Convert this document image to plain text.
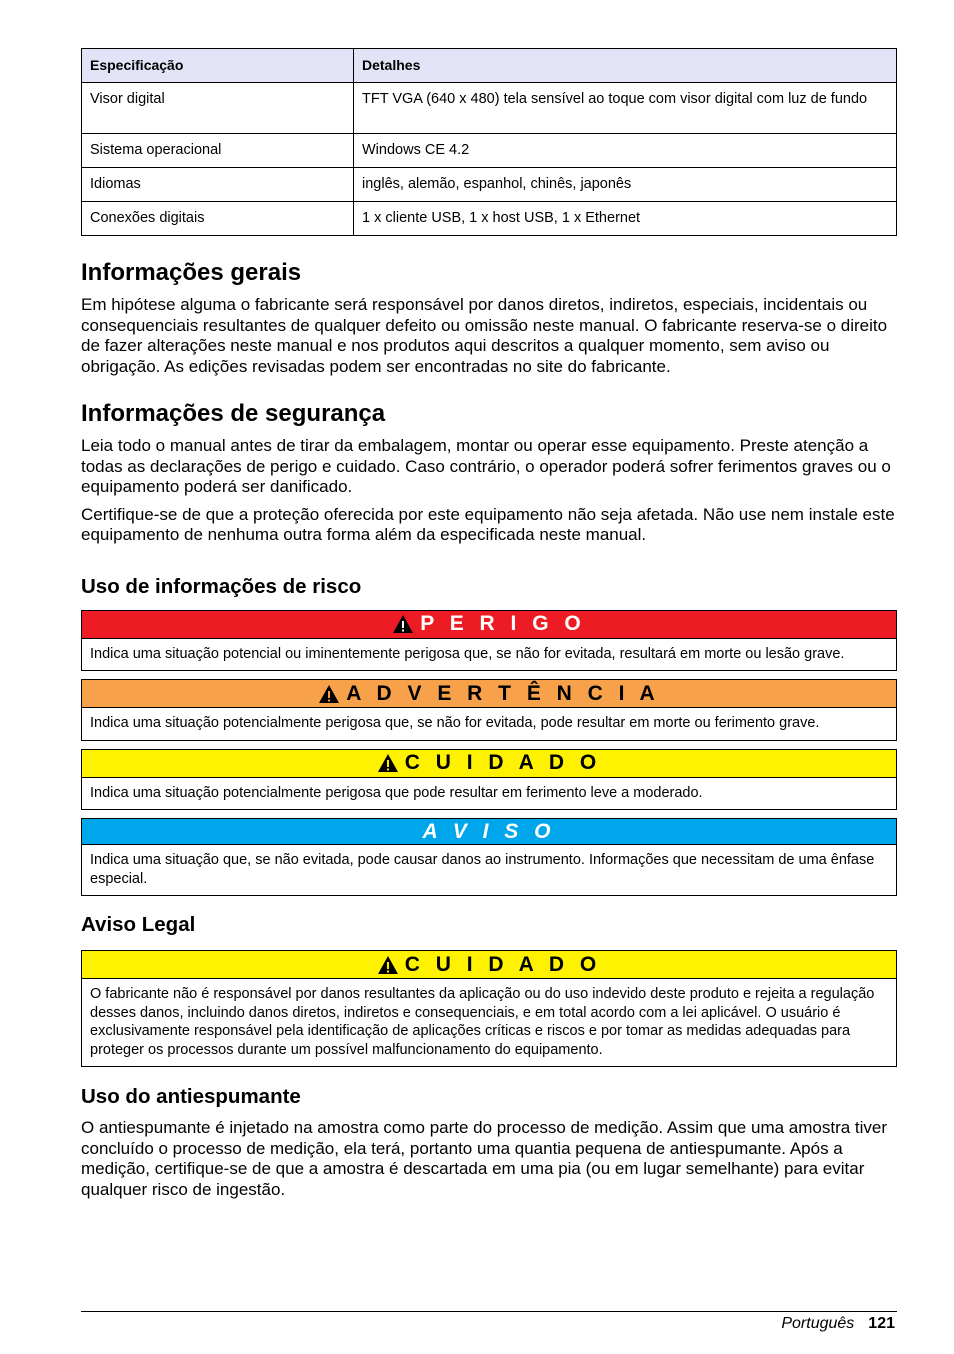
Especificação	Detalhes
Visor digital	TFT VGA (640 x 480) tela sensível ao toque com visor digital com luz de fundo
Sistema operacional	Windows CE 4.2
Idiomas	inglês, alemão, espanhol, chinês, japonês
Conexões digitais	1 x cliente USB, 1 x host USB, 1 x Ethernet
Informações gerais

Em hipótese alguma o fabricante será responsável por danos diretos, indiretos, especiais, incidentais ou consequenciais resultantes de qualquer defeito ou omissão neste manual. O fabricante reserva-se o direito de fazer alterações neste manual e nos produtos aqui descritos a qualquer momento, sem aviso ou obrigação. As edições revisadas podem ser encontradas no site do fabricante.

Informações de segurança

Leia todo o manual antes de tirar da embalagem, montar ou operar esse equipamento. Preste atenção a todas as declarações de perigo e cuidado. Caso contrário, o operador poderá sofrer ferimentos graves ou o equipamento poderá ser danificado.

Certifique-se de que a proteção oferecida por este equipamento não seja afetada. Não use nem instale este equipamento de nenhuma outra forma além da especificada neste manual.

Uso de informações de risco
P E R I G O
Indica uma situação potencial ou iminentemente perigosa que, se não for evitada, resultará em morte ou lesão grave.
A D V E R T Ê N C I A
Indica uma situação potencialmente perigosa que, se não for evitada, pode resultar em morte ou ferimento grave.
C U I D A D O
Indica uma situação potencialmente perigosa que pode resultar em ferimento leve a moderado.
A V I S O
Indica uma situação que, se não evitada, pode causar danos ao instrumento. Informações que necessitam de uma ênfase especial.
Aviso Legal
C U I D A D O
O fabricante não é responsável por danos resultantes da aplicação ou do uso indevido deste produto e rejeita a regulação desses danos, incluindo danos diretos, indiretos e consequenciais, e em total acordo com a lei aplicável. O usuário é exclusivamente responsável pela identificação de aplicações críticas e riscos e por tomar as medidas adequadas para proteger os processos durante um possível malfuncionamento do equipamento.
Uso do antiespumante

O antiespumante é injetado na amostra como parte do processo de medição. Assim que uma amostra tiver concluído o processo de medição, ela terá, portanto uma quantia pequena de antiespumante. Após a medição, certifique-se de que a amostra é descartada em uma pia (ou em lugar semelhante) para evitar qualquer risco de ingestão.

Português 121
